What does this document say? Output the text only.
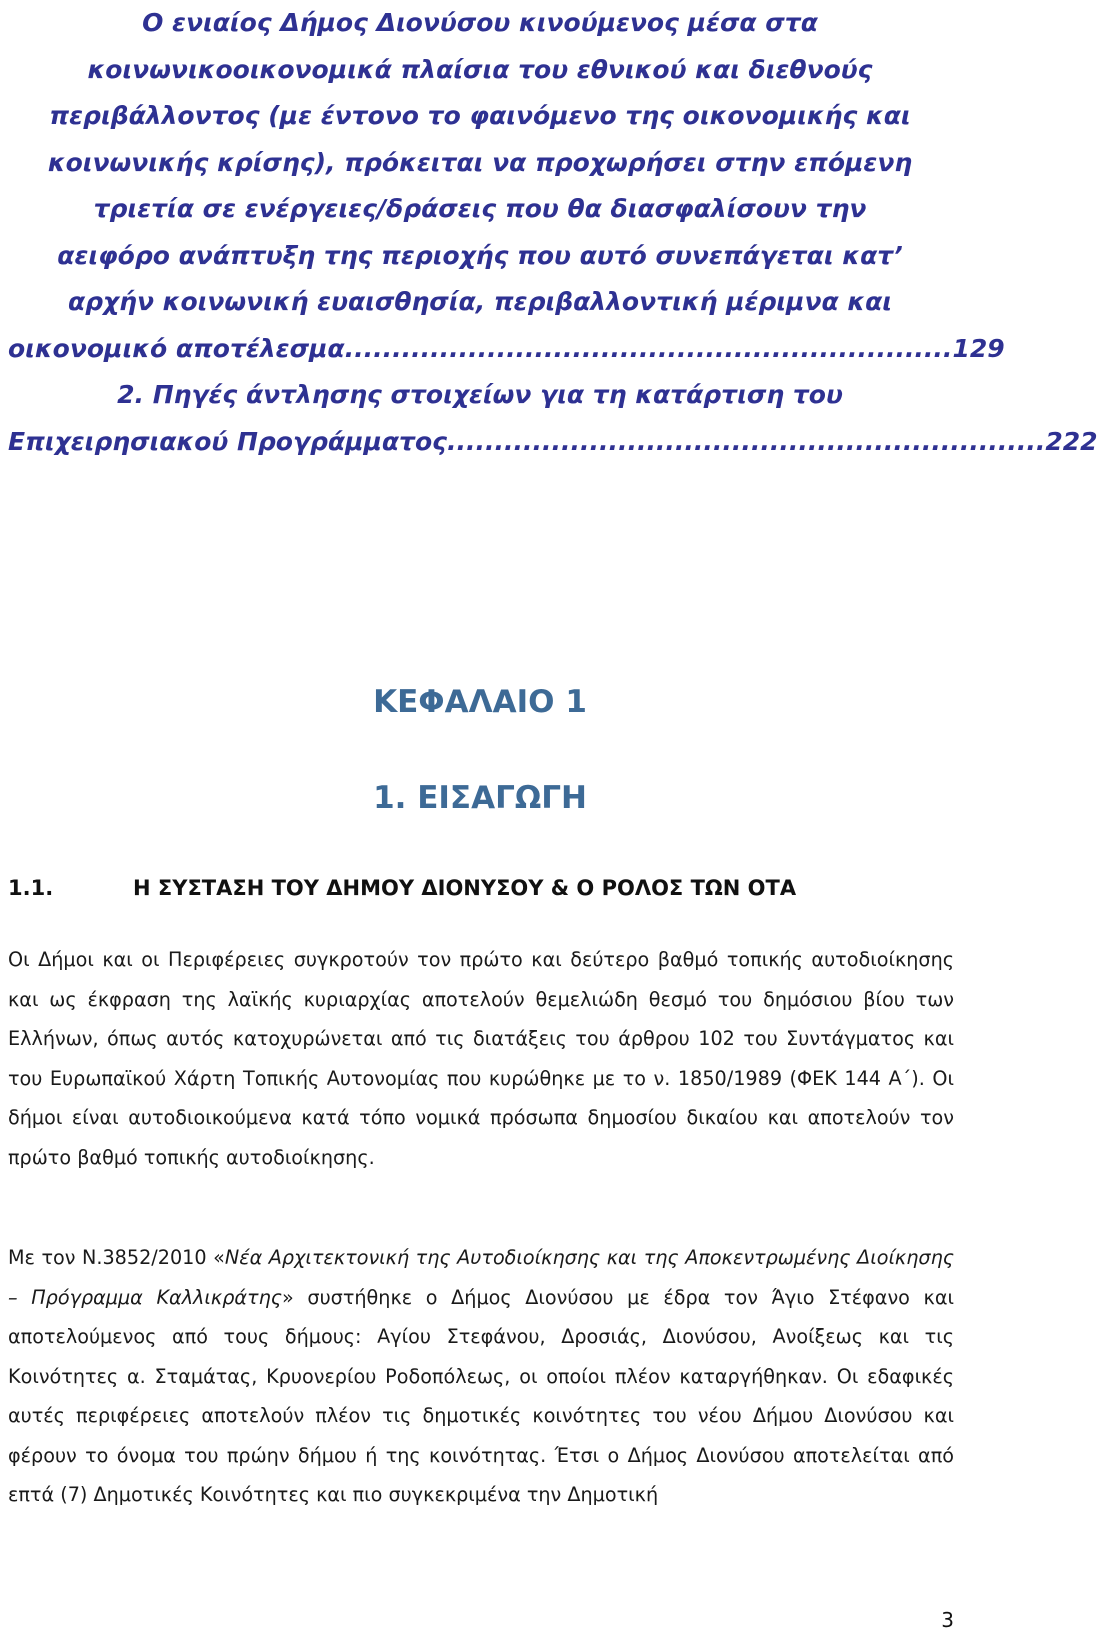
Ο ενιαίος Δήμος Διονύσου κινούμενος μέσα στα
κοινωνικοοικονομικά πλαίσια του εθνικού και διεθνούς
περιβάλλοντος (με έντονο το φαινόμενο της οικονομικής και
κοινωνικής κρίσης), πρόκειται να προχωρήσει στην επόμενη
τριετία σε ενέργειες/δράσεις που θα διασφαλίσουν την
αειφόρο ανάπτυξη της περιοχής που αυτό συνεπάγεται κατ’
αρχήν κοινωνική ευαισθησία, περιβαλλοντική μέριμνα και
οικονομικό αποτέλεσμα. ............................................................... 129
2. Πηγές άντλησης στοιχείων για τη κατάρτιση του
Επιχειρησιακού Προγράμματος ............................................................... 222
ΚΕΦΑΛΑΙΟ 1
1. ΕΙΣΑΓΩΓΗ
1.1.	Η ΣΥΣΤΑΣΗ ΤΟΥ ΔΗΜΟΥ ΔΙΟΝΥΣΟΥ & Ο ΡΟΛΟΣ ΤΩΝ ΟΤΑ

Οι Δήμοι και οι Περιφέρειες συγκροτούν τον πρώτο και δεύτερο βαθμό τοπικής αυτοδιοίκησης και ως έκφραση της λαϊκής κυριαρχίας αποτελούν θεμελιώδη θεσμό του δημόσιου βίου των Ελλήνων, όπως αυτός κατοχυρώνεται από τις διατάξεις του άρθρου 102 του Συντάγματος και του Ευρωπαϊκού Χάρτη Τοπικής Αυτονομίας που κυρώθηκε με το ν. 1850/1989 (ΦΕΚ 144 Α΄). Οι δήμοι είναι αυτοδιοικούμενα κατά τόπο νομικά πρόσωπα δημοσίου δικαίου και αποτελούν τον πρώτο βαθμό τοπικής αυτοδιοίκησης.

Με τον Ν.3852/2010 «Νέα Αρχιτεκτονική της Αυτοδιοίκησης και της Αποκεντρωμένης Διοίκησης – Πρόγραμμα Καλλικράτης» συστήθηκε ο Δήμος Διονύσου με έδρα τον Άγιο Στέφανο και αποτελούμενος από τους δήμους: Αγίου Στεφάνου, Δροσιάς, Διονύσου, Ανοίξεως και τις Κοινότητες α. Σταμάτας, Κρυονερίου Ροδοπόλεως, οι οποίοι πλέον καταργήθηκαν. Οι εδαφικές αυτές περιφέρειες αποτελούν πλέον τις δημοτικές κοινότητες του νέου Δήμου Διονύσου και φέρουν το όνομα του πρώην δήμου ή της κοινότητας. Έτσι ο Δήμος Διονύσου αποτελείται από επτά (7) Δημοτικές Κοινότητες και πιο συγκεκριμένα την Δημοτική

3
